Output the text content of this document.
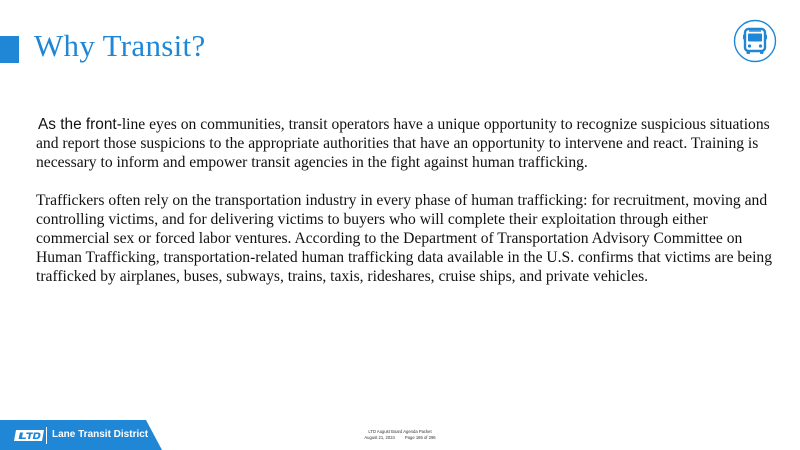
Why Transit?

As the front-line eyes on communities, transit operators have a unique opportunity to recognize suspicious situations and report those suspicions to the appropriate authorities that have an opportunity to intervene and react. Training is necessary to inform and empower transit agencies in the fight against human trafficking.

Traffickers often rely on the transportation industry in every phase of human trafficking: for recruitment, moving and controlling victims, and for delivering victims to buyers who will complete their exploitation through either commercial sex or forced labor ventures. According to the Department of Transportation Advisory Committee on Human Trafficking, transportation-related human trafficking data available in the U.S. confirms that victims are being trafficked by airplanes, buses, subways, trains, taxis, rideshares, cruise ships, and private vehicles.

Lane Transit District	LTD August Board Agenda Packet
August 21, 2024 Page 186 of 296
